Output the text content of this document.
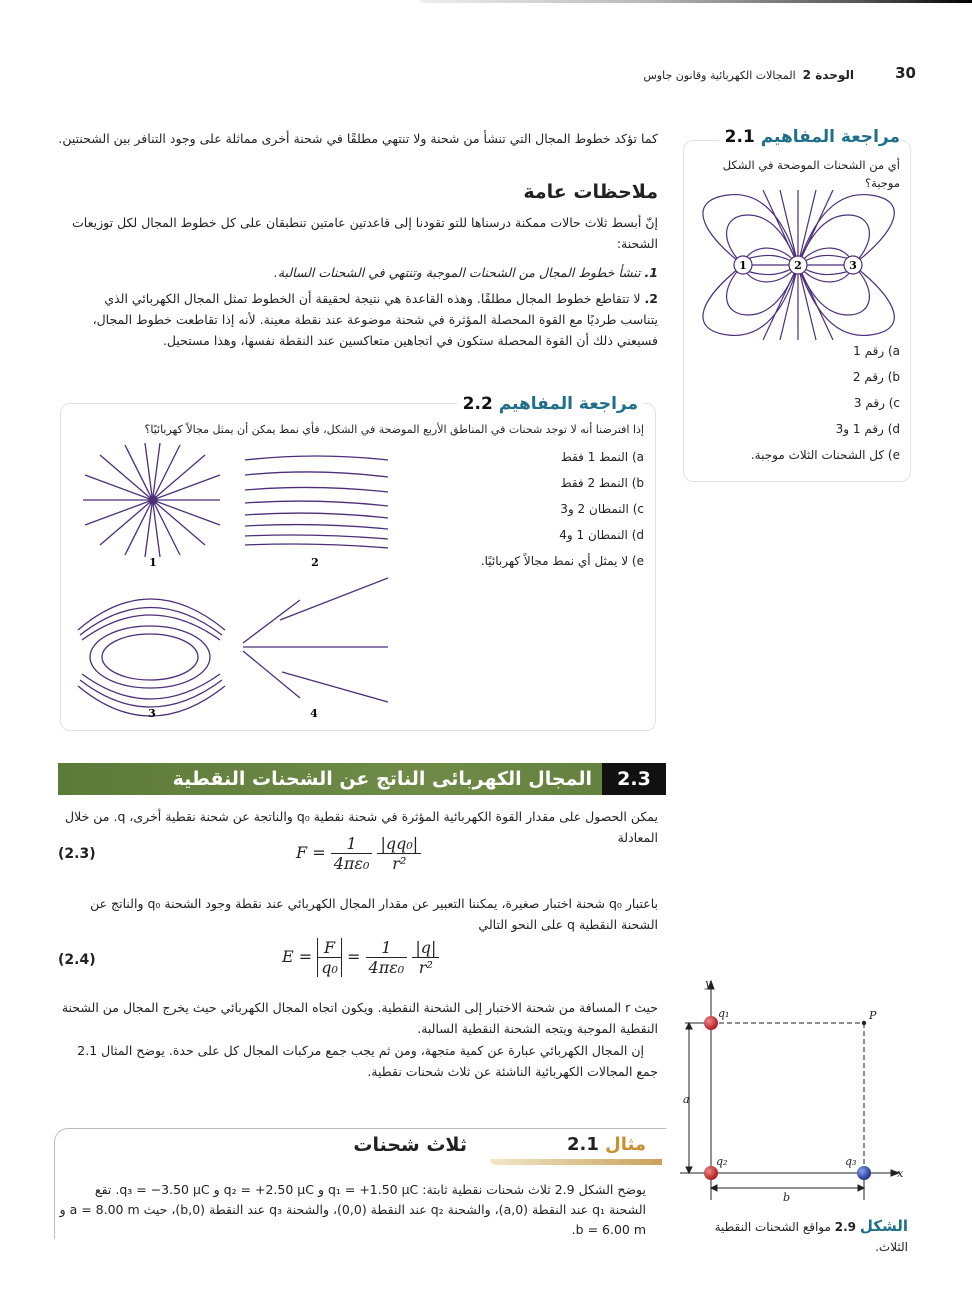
30
الوحدة 2  المجالات الكهربائية وقانون جاوس
كما تؤكد خطوط المجال التي تنشأ من شحنة ولا تنتهي مطلقًا في شحنة أخرى مماثلة على وجود التنافر بين الشحنتين.
ملاحظات عامة
إنّ أبسط ثلاث حالات ممكنة درسناها للتو تقودنا إلى قاعدتين عامتين تنطبقان على كل خطوط المجال لكل توزيعات الشحنة:
1. تنشأ خطوط المجال من الشحنات الموجبة وتنتهي في الشحنات السالبة.
2. لا تتقاطع خطوط المجال مطلقًا. وهذه القاعدة هي نتيجة لحقيقة أن الخطوط تمثل المجال الكهربائي الذي يتناسب طرديًا مع القوة المحصلة المؤثرة في شحنة موضوعة عند نقطة معينة. لأنه إذا تقاطعت خطوط المجال، فسيعني ذلك أن القوة المحصلة ستكون في اتجاهين متعاكسين عند النقطة نفسها، وهذا مستحيل.
مراجعة المفاهيم 2.1
أي من الشحنات الموضحة في الشكل موجبة؟
1	2	3
a) رقم 1
b) رقم 2
c) رقم 3
d) رقم 1 و3
e) كل الشحنات الثلاث موجبة.
مراجعة المفاهيم 2.2
إذا افترضنا أنه لا توجد شحنات في المناطق الأربع الموضحة في الشكل، فأي نمط يمكن أن يمثل مجالاً كهربائيًا؟
1	2
3	4
a) النمط 1 فقط
b) النمط 2 فقط
c) النمطان 2 و3
d) النمطان 1 و4
e) لا يمثل أي نمط مجالاً كهربائيًا.
2.3
المجال الكهربائى الناتج عن الشحنات النقطية
يمكن الحصول على مقدار القوة الكهربائية المؤثرة في شحنة نقطية q₀ والناتجة عن شحنة نقطية أخرى، q. من خلال المعادلة
(2.3)	$F = \frac{1}{\text{4πε₀}}$
$\frac{\text{|qq₀|}}{\text{r²}}$
باعتبار q₀ شحنة اختبار صغيرة، يمكننا التعبير عن مقدار المجال الكهربائي عند نقطة وجود الشحنة q₀ والناتج عن الشحنة النقطية q على النحو التالي
(2.4)	$E = \frac{F}{\text{q₀}} = \frac{1}{\text{4πε₀}}$
$\frac{|q|}{\text{r²}}$
حيث r المسافة من شحنة الاختبار إلى الشحنة النقطية. ويكون اتجاه المجال الكهربائي حيث يخرج المجال من الشحنة النقطية الموجبة ويتجه الشحنة النقطية السالبة.
إن المجال الكهربائي عبارة عن كمية متجهة، ومن ثم يجب جمع مركبات المجال كل على حدة. يوضح المثال 2.1 جمع المجالات الكهربائية الناشئة عن ثلاث شحنات نقطية.
مثال 2.1
ثلاث شحنات
يوضح الشكل 2.9 ثلاث شحنات نقطية ثابتة: q₁ = +1.50 μC و q₂ = +2.50 μC و q₃ = −3.50 μC. تقع الشحنة q₁ عند النقطة (0,a)، والشحنة q₂ عند النقطة (0,0)، والشحنة q₃ عند النقطة (b,0)، حيث a = 8.00 m و b = 6.00 m.
y
x
q₁
q₂	q₃
P
a
b
الشكل 2.9 مواقع الشحنات النقطية الثلاث.
